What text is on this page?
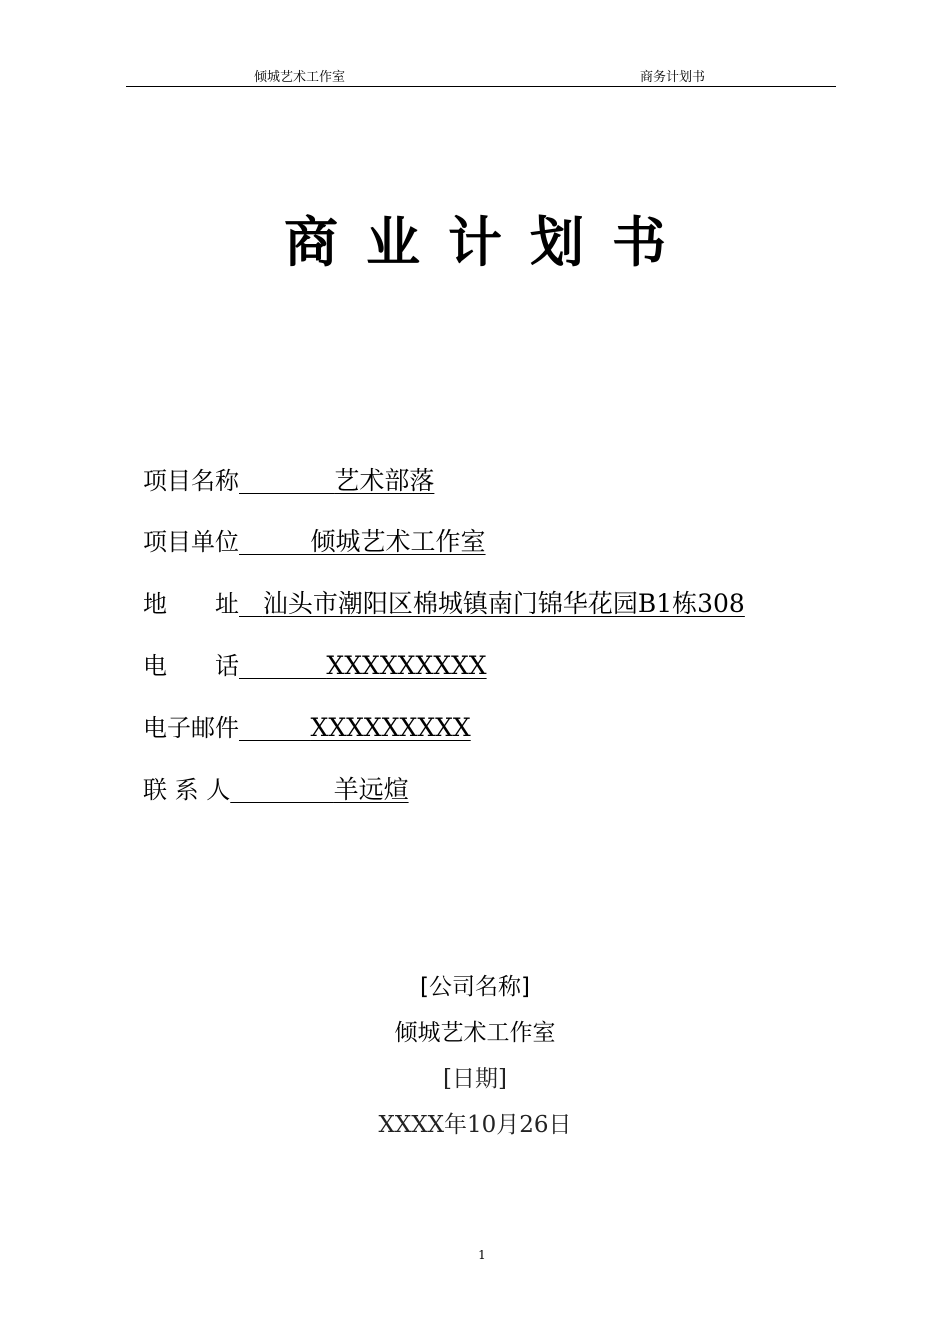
倾城艺术工作室	商务计划书
商业计划书
项目名称	艺术部落
项目单位	倾城艺术工作室
地　　址 汕头市潮阳区棉城镇南门锦华花园B1栋308
电　　话	XXXXXXXXX
电子邮件	XXXXXXXXX
联 系 人	羊远煊
[公司名称]
倾城艺术工作室
[日期]
XXXX年10月26日
1
